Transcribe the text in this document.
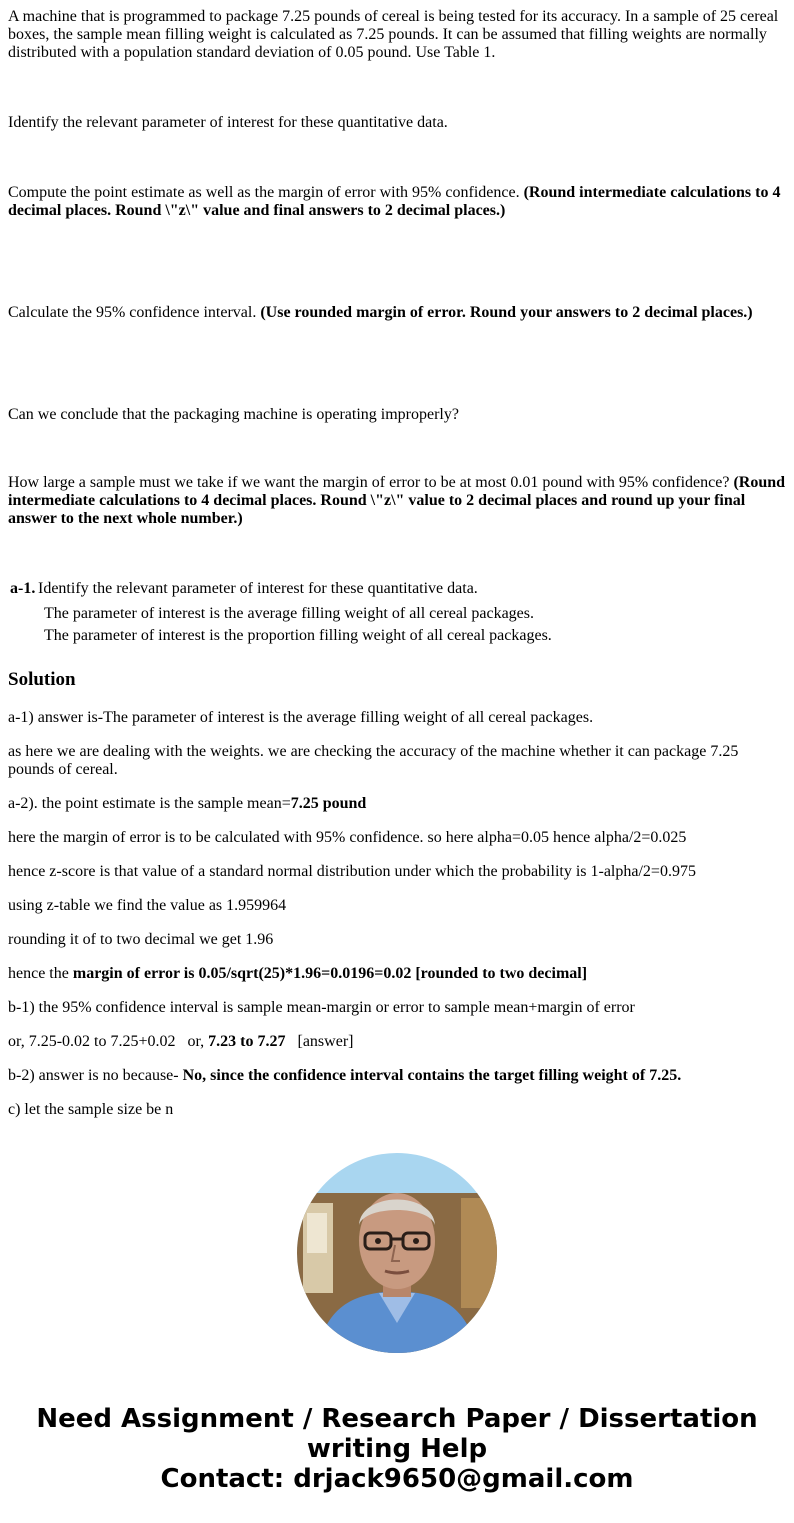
A machine that is programmed to package 7.25 pounds of cereal is being tested for its accuracy. In a sample of 25 cereal boxes, the sample mean filling weight is calculated as 7.25 pounds. It can be assumed that filling weights are normally distributed with a population standard deviation of 0.05 pound. Use Table 1.

Identify the relevant parameter of interest for these quantitative data.

Compute the point estimate as well as the margin of error with 95% confidence. (Round intermediate calculations to 4 decimal places. Round \"z\" value and final answers to 2 decimal places.)

Calculate the 95% confidence interval. (Use rounded margin of error. Round your answers to 2 decimal places.)

Can we conclude that the packaging machine is operating improperly?

How large a sample must we take if we want the margin of error to be at most 0.01 pound with 95% confidence? (Round intermediate calculations to 4 decimal places. Round \"z\" value to 2 decimal places and round up your final answer to the next whole number.)

a-1. Identify the relevant parameter of interest for these quantitative data.

The parameter of interest is the average filling weight of all cereal packages.

The parameter of interest is the proportion filling weight of all cereal packages.

Solution

a-1) answer is-The parameter of interest is the average filling weight of all cereal packages.

as here we are dealing with the weights. we are checking the accuracy of the machine whether it can package 7.25 pounds of cereal.

a-2). the point estimate is the sample mean=7.25 pound

here the margin of error is to be calculated with 95% confidence. so here alpha=0.05 hence alpha/2=0.025

hence z-score is that value of a standard normal distribution under which the probability is 1-alpha/2=0.975

using z-table we find the value as 1.959964

rounding it of to two decimal we get 1.96

hence the margin of error is 0.05/sqrt(25)*1.96=0.0196=0.02 [rounded to two decimal]

b-1) the 95% confidence interval is sample mean-margin or error to sample mean+margin of error

or, 7.25-0.02 to 7.25+0.02   or, 7.23 to 7.27   [answer]

b-2) answer is no because- No, since the confidence interval contains the target filling weight of 7.25.

c) let the sample size be n

Need Assignment / Research Paper / Dissertation
writing Help
Contact: drjack9650@gmail.com
